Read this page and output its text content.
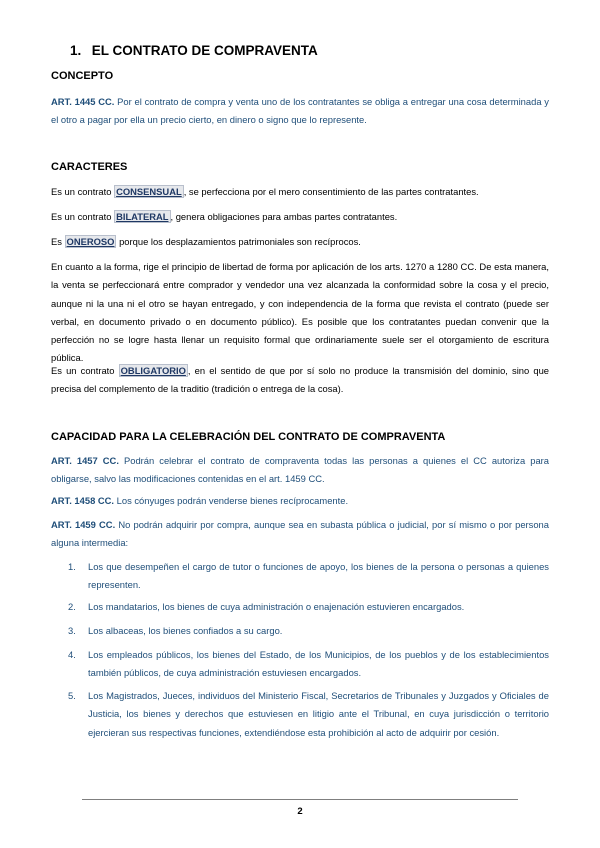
1. EL CONTRATO DE COMPRAVENTA
CONCEPTO
ART. 1445 CC. Por el contrato de compra y venta uno de los contratantes se obliga a entregar una cosa determinada y el otro a pagar por ella un precio cierto, en dinero o signo que lo represente.
CARACTERES
Es un contrato CONSENSUAL , se perfecciona por el mero consentimiento de las partes contratantes.
Es un contrato BILATERAL , genera obligaciones para ambas partes contratantes.
Es ONEROSO porque los desplazamientos patrimoniales son recíprocos.
En cuanto a la forma, rige el principio de libertad de forma por aplicación de los arts. 1270 a 1280 CC. De esta manera, la venta se perfeccionará entre comprador y vendedor una vez alcanzada la conformidad sobre la cosa y el precio, aunque ni la una ni el otro se hayan entregado, y con independencia de la forma que revista el contrato (puede ser verbal, en documento privado o en documento público). Es posible que los contratantes puedan convenir que la perfección no se logre hasta llenar un requisito formal que ordinariamente suele ser el otorgamiento de escritura pública.
Es un contrato OBLIGATORIO , en el sentido de que por sí solo no produce la transmisión del dominio, sino que precisa del complemento de la traditio (tradición o entrega de la cosa).
CAPACIDAD PARA LA CELEBRACIÓN DEL CONTRATO DE COMPRAVENTA
ART. 1457 CC. Podrán celebrar el contrato de compraventa todas las personas a quienes el CC autoriza para obligarse, salvo las modificaciones contenidas en el art. 1459 CC.
ART. 1458 CC. Los cónyuges podrán venderse bienes recíprocamente.
ART. 1459 CC. No podrán adquirir por compra, aunque sea en subasta pública o judicial, por sí mismo o por persona alguna intermedia:
1. Los que desempeñen el cargo de tutor o funciones de apoyo, los bienes de la persona o personas a quienes representen.
2. Los mandatarios, los bienes de cuya administración o enajenación estuvieren encargados.
3. Los albaceas, los bienes confiados a su cargo.
4. Los empleados públicos, los bienes del Estado, de los Municipios, de los pueblos y de los establecimientos también públicos, de cuya administración estuviesen encargados.
5. Los Magistrados, Jueces, individuos del Ministerio Fiscal, Secretarios de Tribunales y Juzgados y Oficiales de Justicia, los bienes y derechos que estuviesen en litigio ante el Tribunal, en cuya jurisdicción o territorio ejercieran sus respectivas funciones, extendiéndose esta prohibición al acto de adquirir por cesión.
2
